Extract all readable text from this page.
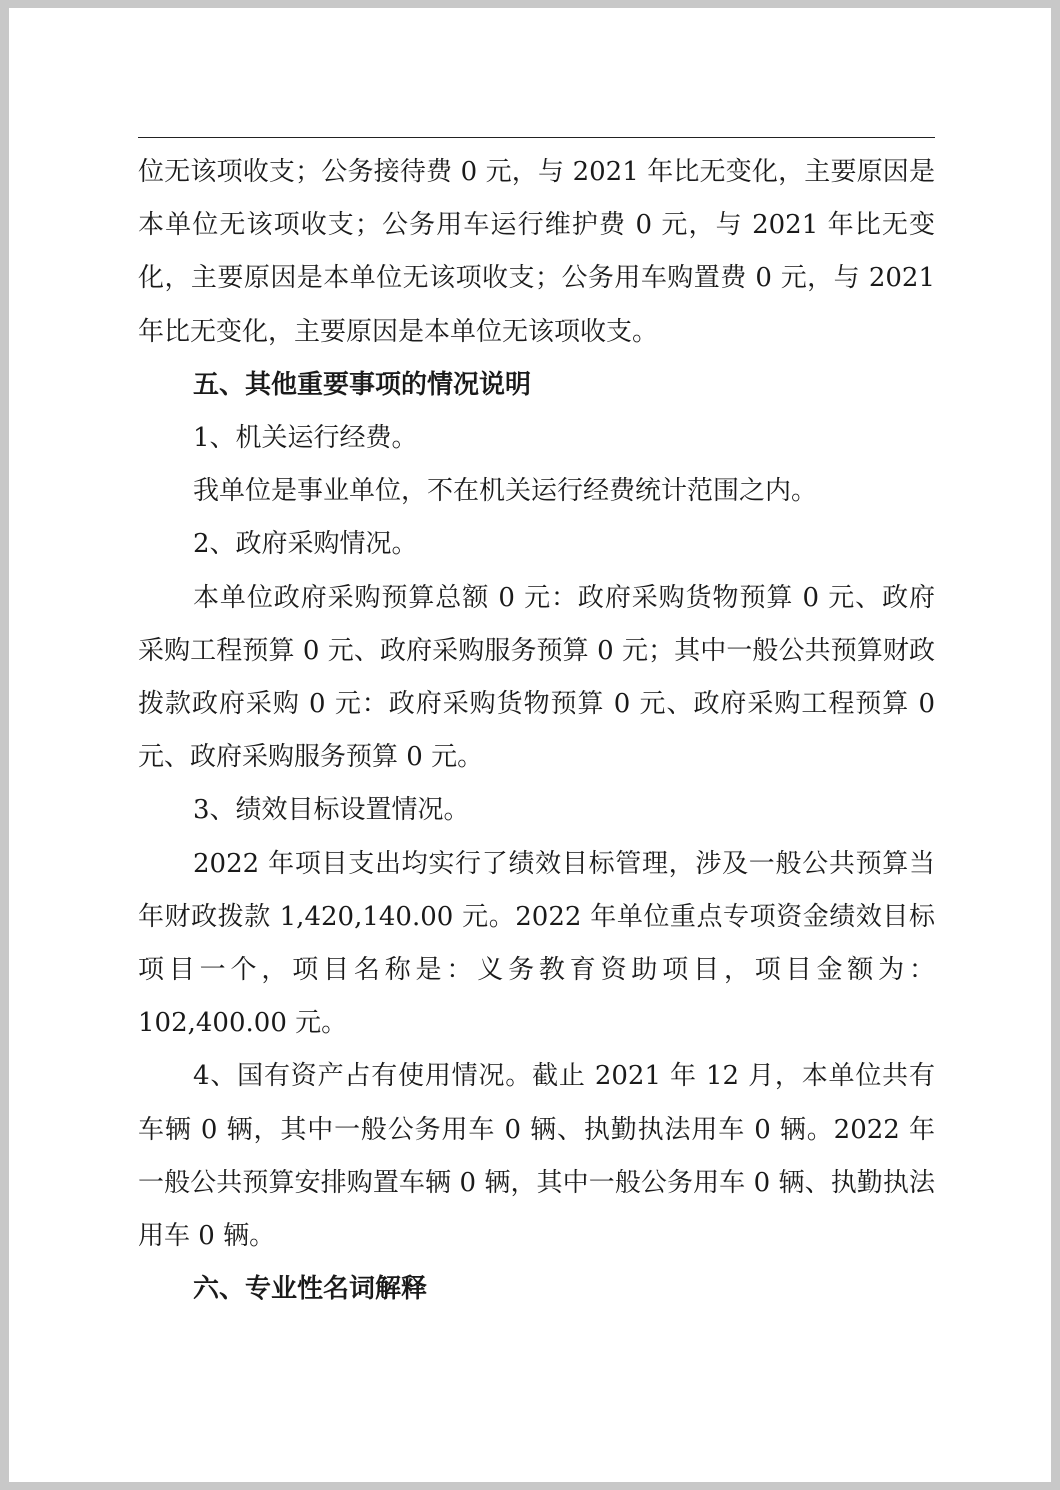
位无该项收支；公务接待费 0 元，与 2021 年比无变化，主要原因是本单位无该项收支；公务用车运行维护费 0 元，与 2021 年比无变化，主要原因是本单位无该项收支；公务用车购置费 0 元，与 2021 年比无变化，主要原因是本单位无该项收支。

五、其他重要事项的情况说明

1、机关运行经费。

我单位是事业单位，不在机关运行经费统计范围之内。

2、政府采购情况。

本单位政府采购预算总额 0 元：政府采购货物预算 0 元、政府采购工程预算 0 元、政府采购服务预算 0 元；其中一般公共预算财政拨款政府采购 0 元：政府采购货物预算 0 元、政府采购工程预算 0 元、政府采购服务预算 0 元。

3、绩效目标设置情况。

2022 年项目支出均实行了绩效目标管理，涉及一般公共预算当年财政拨款 1,420,140.00 元。2022 年单位重点专项资金绩效目标项目一个，项目名称是：义务教育资助项目，项目金额为：102,400.00 元。

4、国有资产占有使用情况。截止 2021 年 12 月，本单位共有车辆 0 辆，其中一般公务用车 0 辆、执勤执法用车 0 辆。2022 年一般公共预算安排购置车辆 0 辆，其中一般公务用车 0 辆、执勤执法用车 0 辆。

六、专业性名词解释
